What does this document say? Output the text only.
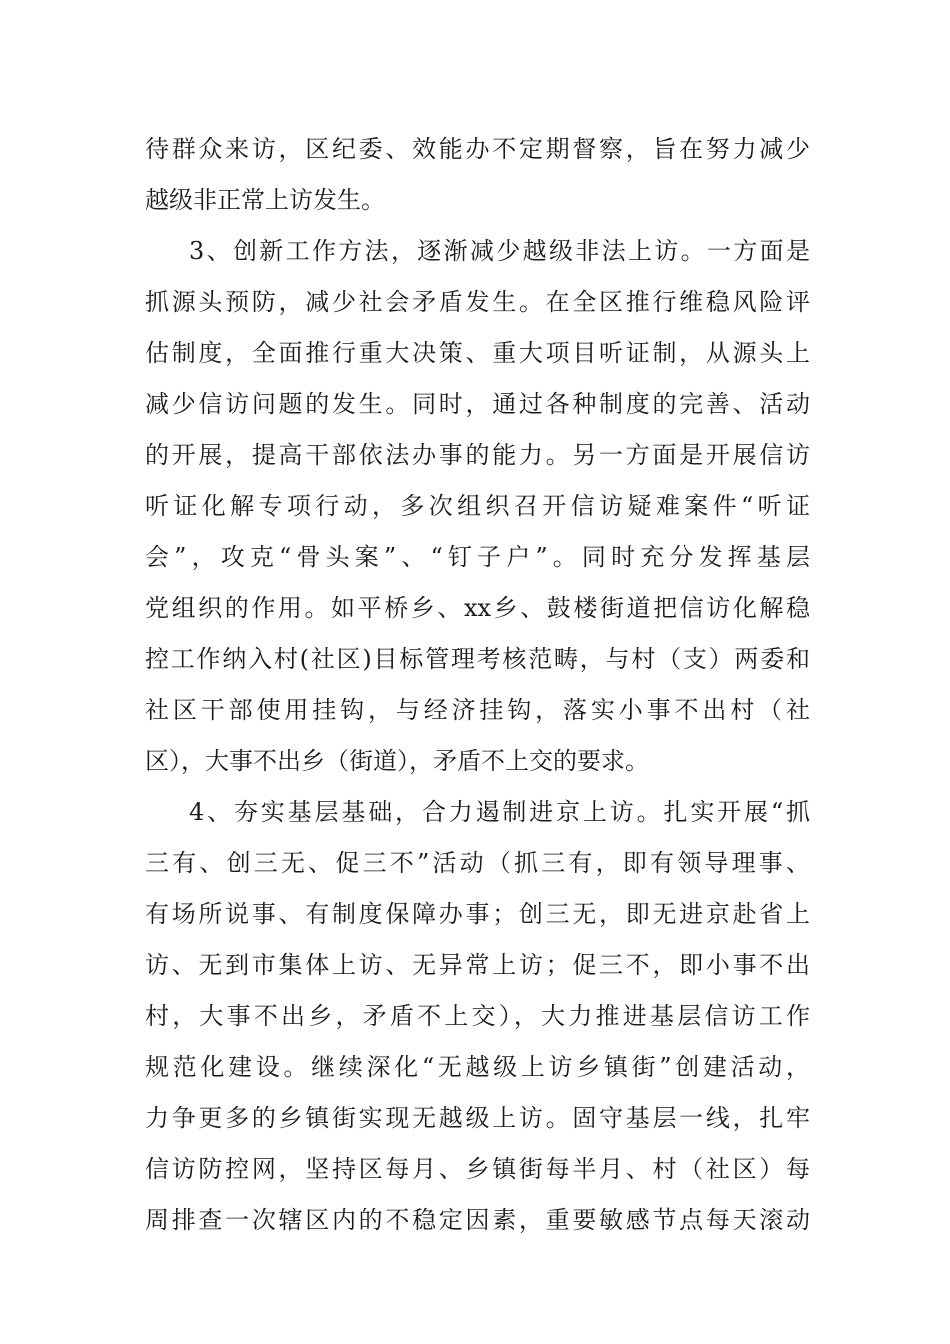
待群众来访，区纪委、效能办不定期督察，旨在努力减少
越级非正常上访发生。
3、创新工作方法，逐渐减少越级非法上访。一方面是
抓源头预防，减少社会矛盾发生。在全区推行维稳风险评
估制度，全面推行重大决策、重大项目听证制，从源头上
减少信访问题的发生。同时，通过各种制度的完善、活动
的开展，提高干部依法办事的能力。另一方面是开展信访
听证化解专项行动，多次组织召开信访疑难案件“听证
会”，攻克“骨头案”、“钉子户”。同时充分发挥基层
党组织的作用。如平桥乡、xx乡、鼓楼街道把信访化解稳
控工作纳入村(社区)目标管理考核范畴，与村（支）两委和
社区干部使用挂钩，与经济挂钩，落实小事不出村（社
区），大事不出乡（街道），矛盾不上交的要求。
4、夯实基层基础，合力遏制进京上访。扎实开展“抓
三有、创三无、促三不”活动（抓三有，即有领导理事、
有场所说事、有制度保障办事；创三无，即无进京赴省上
访、无到市集体上访、无异常上访；促三不，即小事不出
村，大事不出乡，矛盾不上交），大力推进基层信访工作
规范化建设。继续深化“无越级上访乡镇街”创建活动，
力争更多的乡镇街实现无越级上访。固守基层一线，扎牢
信访防控网，坚持区每月、乡镇街每半月、村（社区）每
周排查一次辖区内的不稳定因素，重要敏感节点每天滚动
